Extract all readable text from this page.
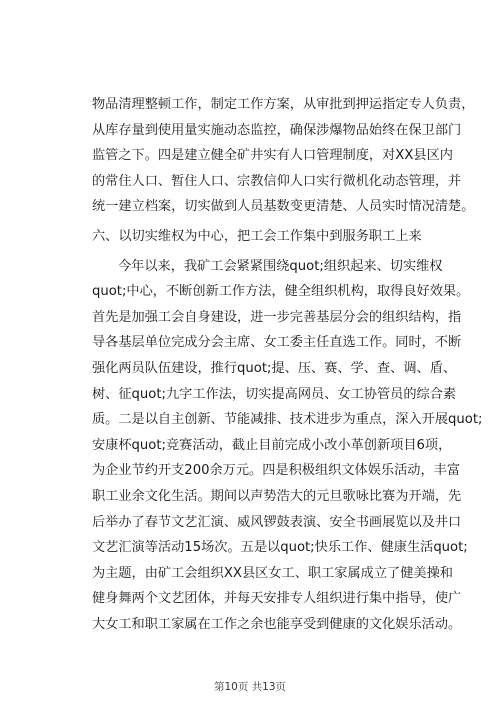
物品清理整顿工作，制定工作方案，从审批到押运指定专人负责，
从库存量到使用量实施动态监控，确保涉爆物品始终在保卫部门
监管之下。四是建立健全矿井实有人口管理制度，对XX县区内
的常住人口、暂住人口、宗教信仰人口实行微机化动态管理，并
统一建立档案，切实做到人员基数变更清楚、人员实时情况清楚。
六、以切实维权为中心，把工会工作集中到服务职工上来
今年以来，我矿工会紧紧围绕quot;组织起来、切实维权
quot;中心，不断创新工作方法，健全组织机构，取得良好效果。
首先是加强工会自身建设，进一步完善基层分会的组织结构，指
导各基层单位完成分会主席、女工委主任直选工作。同时，不断
强化两员队伍建设，推行quot;提、压、赛、学、查、调、盾、
树、征quot;九字工作法，切实提高网员、女工协管员的综合素
质。二是以自主创新、节能减排、技术进步为重点，深入开展quot;
安康杯quot;竞赛活动，截止目前完成小改小革创新项目6项，
为企业节约开支200余万元。四是积极组织文体娱乐活动，丰富
职工业余文化生活。期间以声势浩大的元旦歌咏比赛为开端，先
后举办了春节文艺汇演、威风锣鼓表演、安全书画展览以及井口
文艺汇演等活动15场次。五是以quot;快乐工作、健康生活quot;
为主题，由矿工会组织XX县区女工、职工家属成立了健美操和
健身舞两个文艺团体，并每天安排专人组织进行集中指导，使广
大女工和职工家属在工作之余也能享受到健康的文化娱乐活动。
第10页 共13页
